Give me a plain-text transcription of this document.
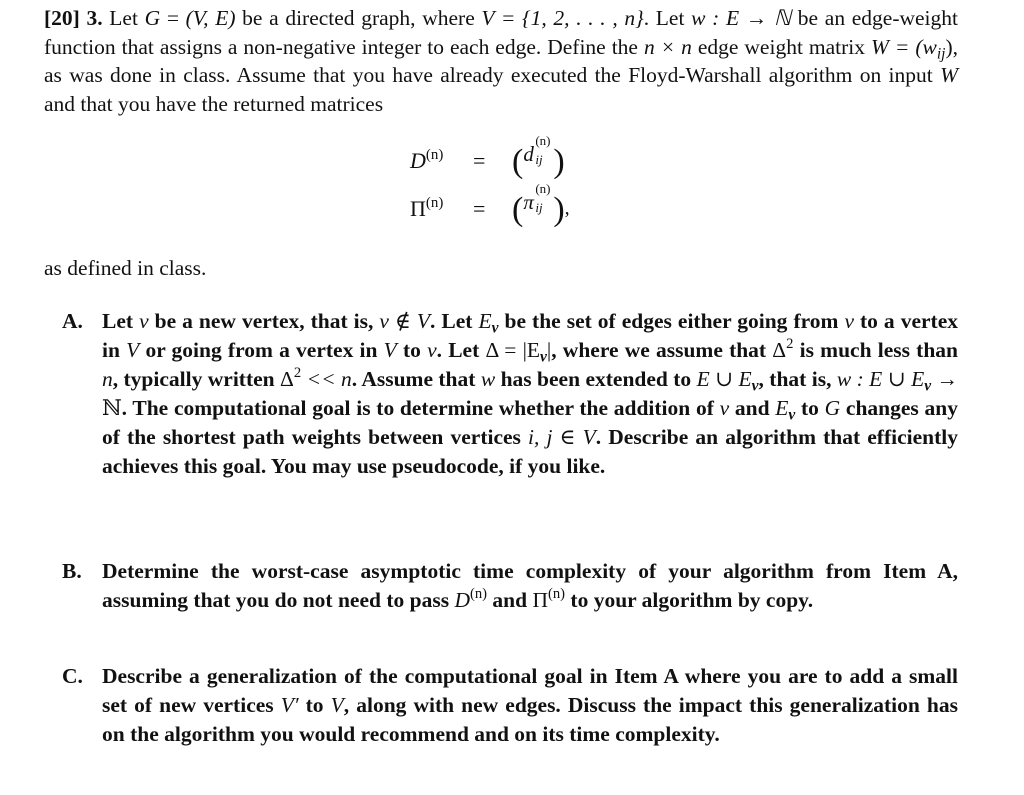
[20] 3. Let G = (V, E) be a directed graph, where V = {1, 2, . . . , n}. Let w : E → ℕ be an edge-weight function that assigns a non-negative integer to each edge. Define the n × n edge weight matrix $W = (w_{ij})$, as was done in class. Assume that you have already executed the Floyd-Warshall algorithm on input W and that you have the returned matrices
$D^{(n)}$ = ( d
(n)
ij )
$\Pi^{(n)}$ = ( π
(n)
ij ),
as defined in class.
A. Let v be a new vertex, that is, v ∉ V. Let $E_v$ be the set of edges either going from v to a vertex in V or going from a vertex in V to v. Let $\Delta = |E_v|$, where we assume that $\Delta^2$ is much less than n, typically written $\Delta^2 << n$. Assume that w has been extended to E ∪ $E_v$, that is, w : E ∪ $E_v$ → ℕ. The computational goal is to determine whether the addition of v and $E_v$ to G changes any of the shortest path weights between vertices i, j ∈ V. Describe an algorithm that efficiently achieves this goal. You may use pseudocode, if you like.
B. Determine the worst-case asymptotic time complexity of your algorithm from Item A, assuming that you do not need to pass $D^{(n)}$ and $\Pi^{(n)}$ to your algorithm by copy.
C. Describe a generalization of the computational goal in Item A where you are to add a small set of new vertices V′ to V, along with new edges. Discuss the impact this generalization has on the algorithm you would recommend and on its time complexity.
